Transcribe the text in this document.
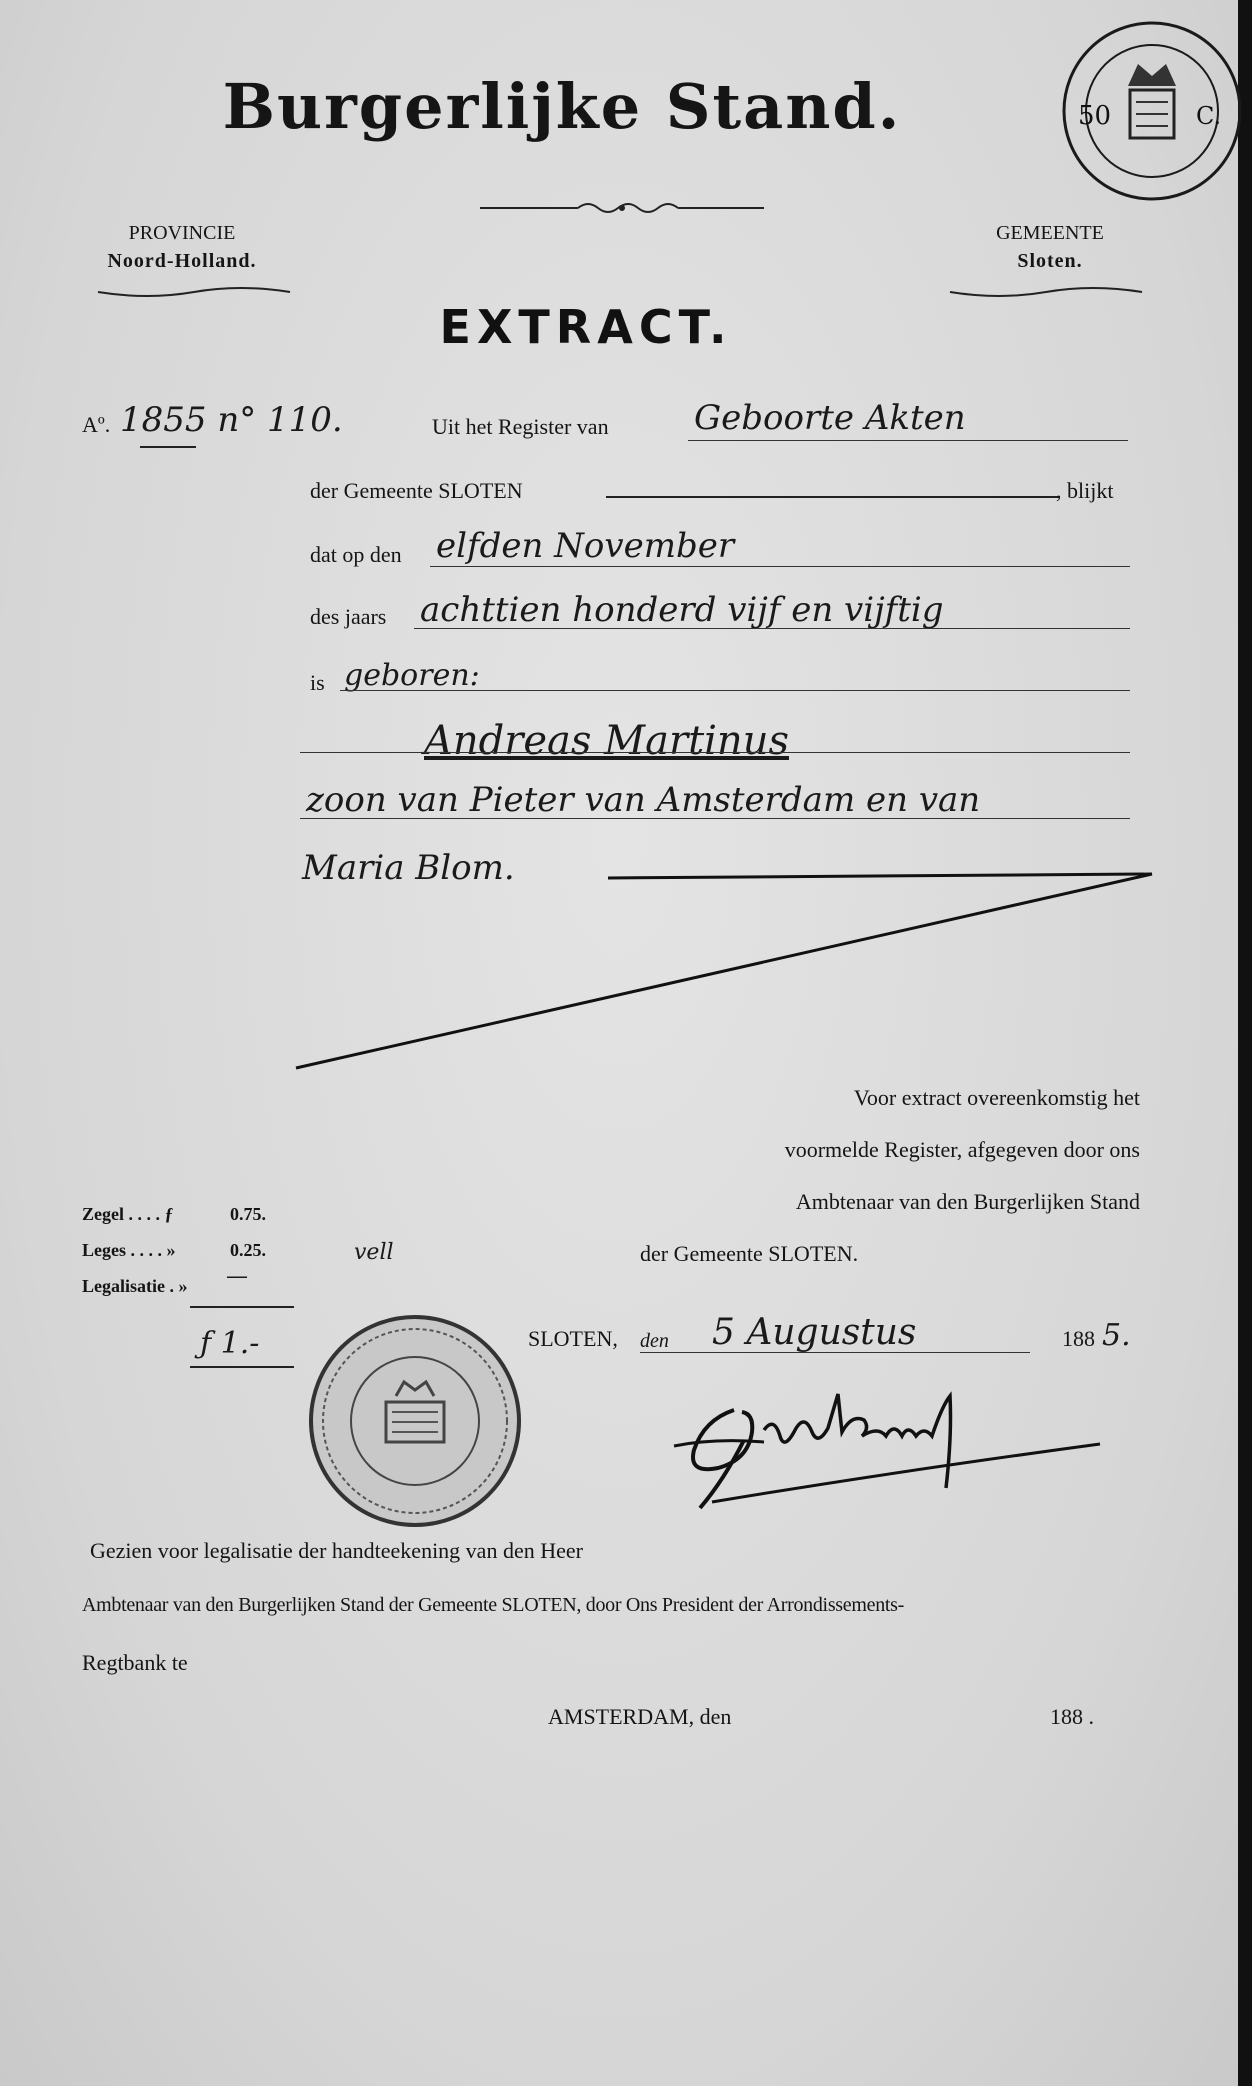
Burgerlijke Stand.	50	C.
PROVINCIE
Noord-Holland.
GEMEENTE
Sloten.
EXTRACT.
Aº. 1855 n° 110.	Uit het Register van	Geboorte Akten
der Gemeente SLOTEN	, blijkt
dat op den elfden November
des jaars achttien honderd vijf en vijftig
is geboren:
Andreas Martinus
zoon van Pieter van Amsterdam en van
Maria Blom.
Voor extract overeenkomstig het
voormelde Register, afgegeven door ons
Ambtenaar van den Burgerlijken Stand
der Gemeente SLOTEN.
Zegel . . . . ƒ	0.75.
Leges . . . . »	0.25.
Legalisatie . » —
vell
ƒ 1.-	SLOTEN, den 5 Augustus	188 5.
Gezien voor legalisatie der handteekening van den Heer
Ambtenaar van den Burgerlijken Stand der Gemeente SLOTEN, door Ons President der Arrondissements-
Regtbank te
AMSTERDAM, den	188 .
